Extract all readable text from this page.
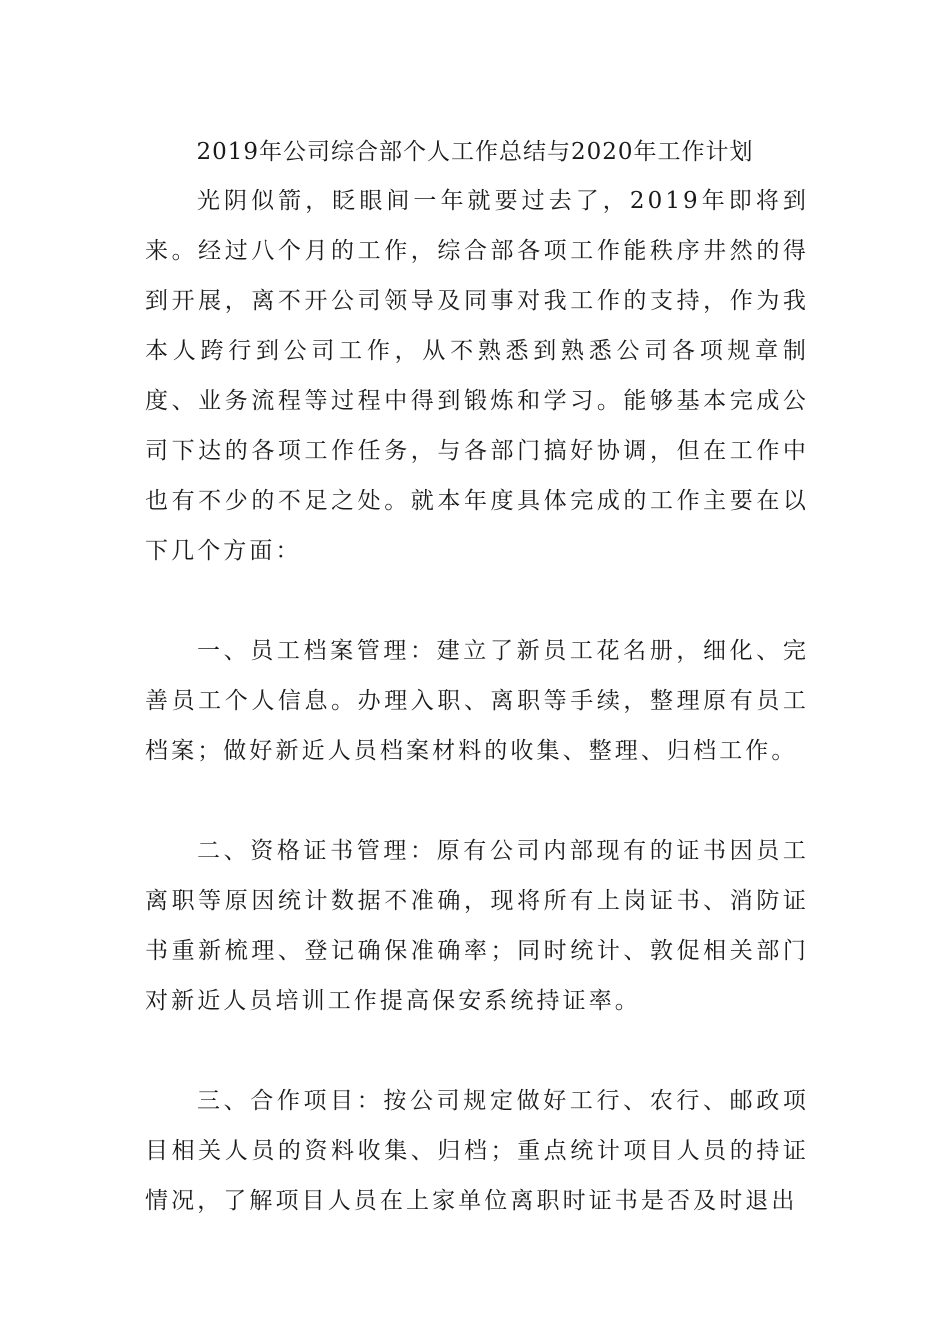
2019年公司综合部个人工作总结与2020年工作计划

光阴似箭，眨眼间一年就要过去了，2019年即将到来。经过八个月的工作，综合部各项工作能秩序井然的得到开展，离不开公司领导及同事对我工作的支持，作为我本人跨行到公司工作，从不熟悉到熟悉公司各项规章制度、业务流程等过程中得到锻炼和学习。能够基本完成公司下达的各项工作任务，与各部门搞好协调，但在工作中也有不少的不足之处。就本年度具体完成的工作主要在以下几个方面：

一、员工档案管理：建立了新员工花名册，细化、完善员工个人信息。办理入职、离职等手续，整理原有员工档案；做好新近人员档案材料的收集、整理、归档工作。

二、资格证书管理：原有公司内部现有的证书因员工离职等原因统计数据不准确，现将所有上岗证书、消防证书重新梳理、登记确保准确率；同时统计、敦促相关部门对新近人员培训工作提高保安系统持证率。

三、合作项目：按公司规定做好工行、农行、邮政项目相关人员的资料收集、归档；重点统计项目人员的持证情况，了解项目人员在上家单位离职时证书是否及时退出
